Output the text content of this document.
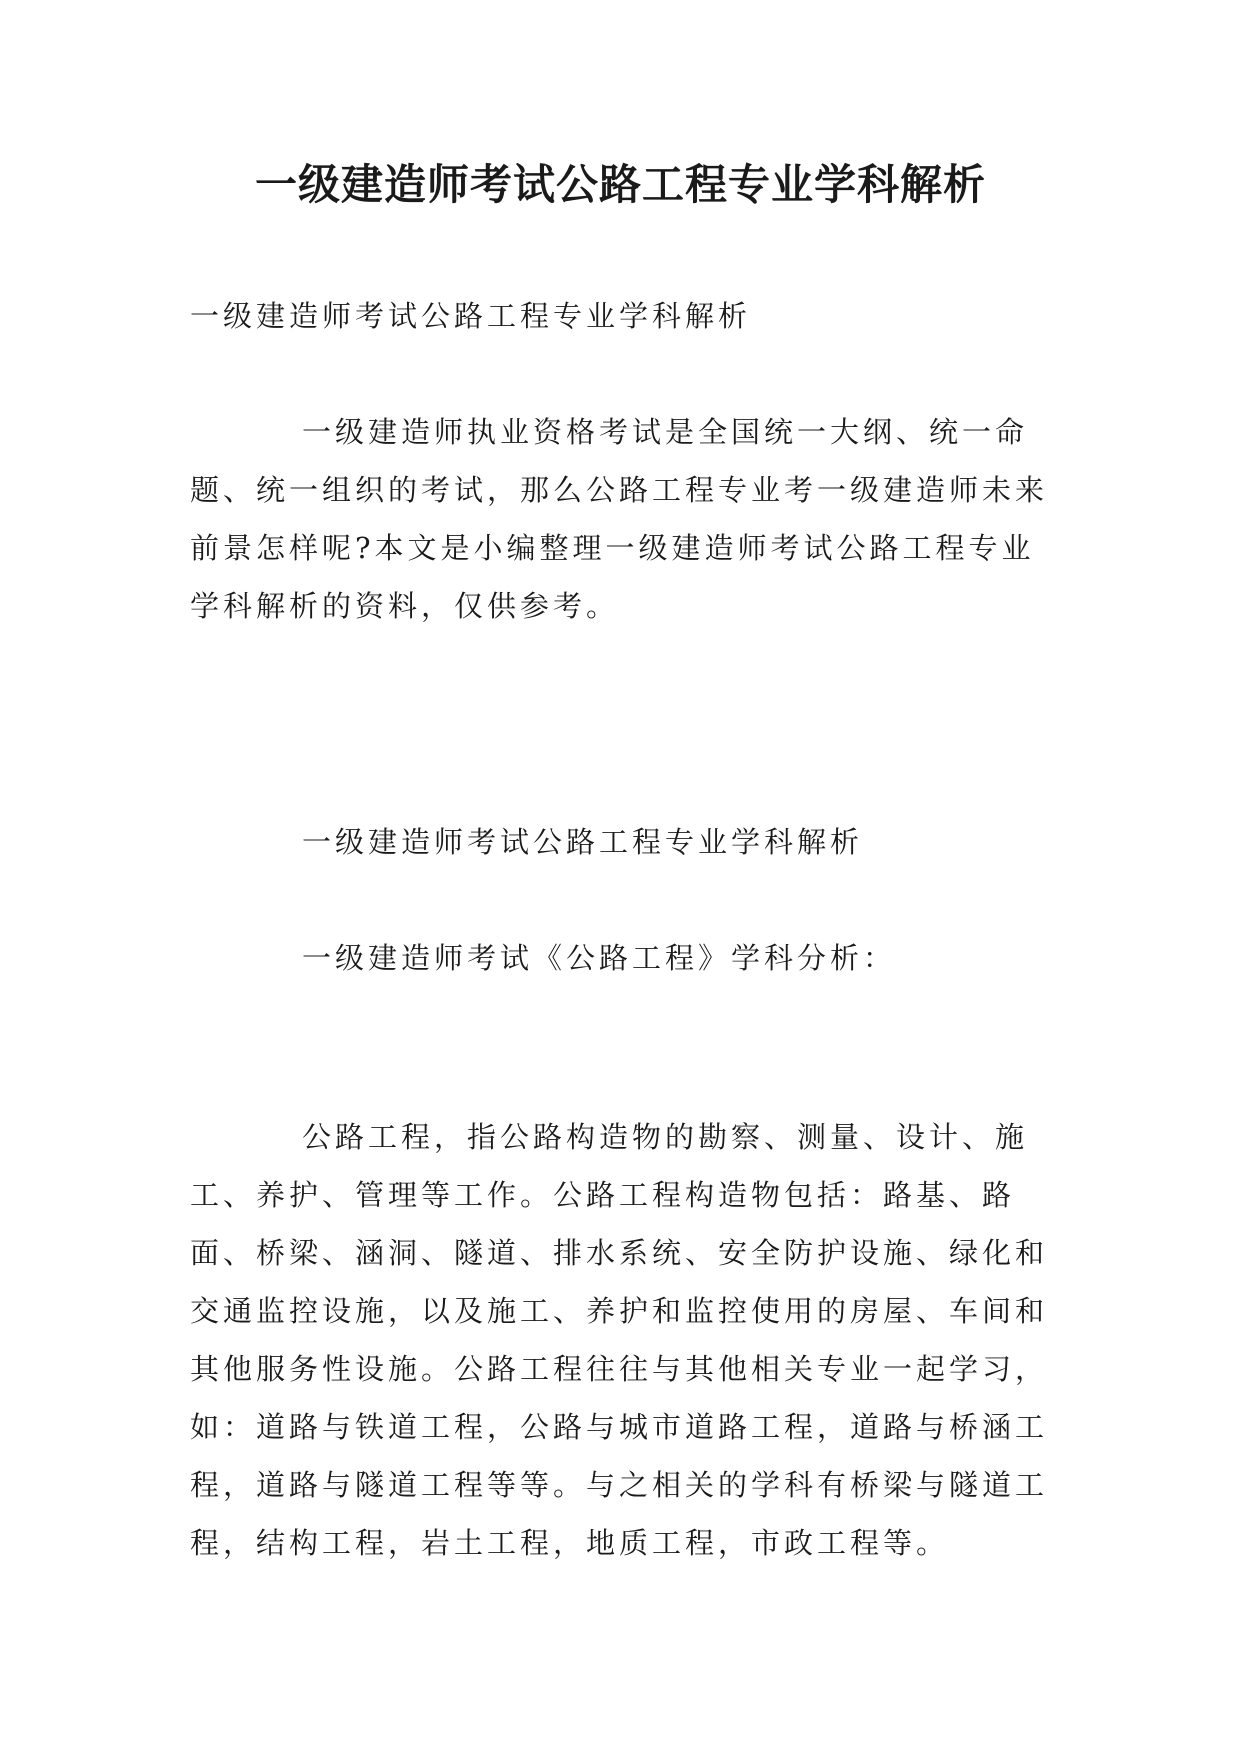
一级建造师考试公路工程专业学科解析

一级建造师考试公路工程专业学科解析

一级建造师执业资格考试是全国统一大纲、统一命题、统一组织的考试，那么公路工程专业考一级建造师未来前景怎样呢?本文是小编整理一级建造师考试公路工程专业学科解析的资料，仅供参考。

一级建造师考试公路工程专业学科解析

一级建造师考试《公路工程》学科分析：

公路工程，指公路构造物的勘察、测量、设计、施工、养护、管理等工作。公路工程构造物包括：路基、路面、桥梁、涵洞、隧道、排水系统、安全防护设施、绿化和交通监控设施，以及施工、养护和监控使用的房屋、车间和其他服务性设施。公路工程往往与其他相关专业一起学习，如：道路与铁道工程，公路与城市道路工程，道路与桥涵工程，道路与隧道工程等等。与之相关的学科有桥梁与隧道工程，结构工程，岩土工程，地质工程，市政工程等。
